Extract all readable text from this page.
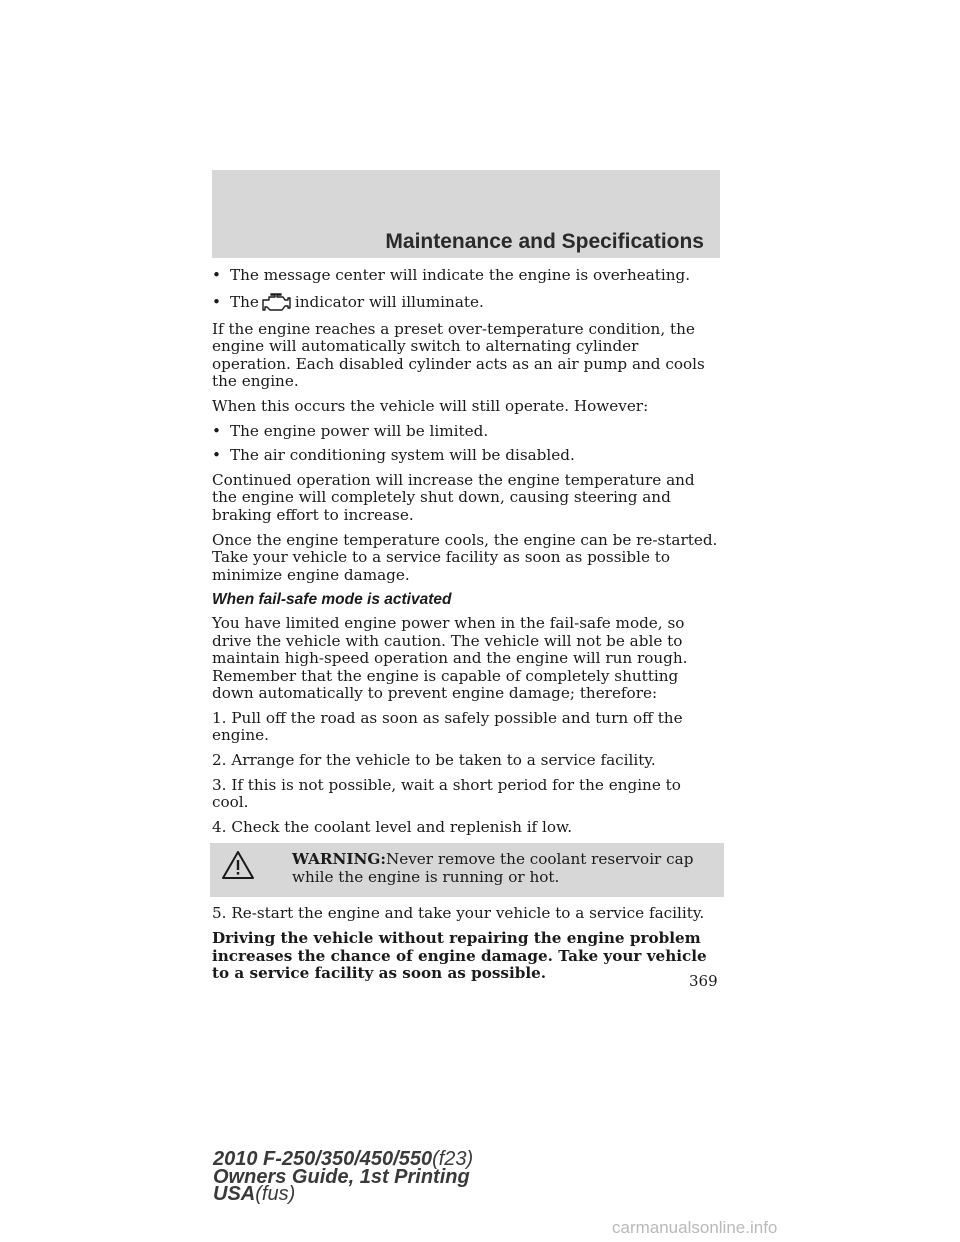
Maintenance and Specifications
• The message center will indicate the engine is overheating.
• The indicator will illuminate.

If the engine reaches a preset over-temperature condition, the engine will automatically switch to alternating cylinder operation. Each disabled cylinder acts as an air pump and cools the engine.

When this occurs the vehicle will still operate. However:

• The engine power will be limited.
• The air conditioning system will be disabled.

Continued operation will increase the engine temperature and the engine will completely shut down, causing steering and braking effort to increase.

Once the engine temperature cools, the engine can be re-started. Take your vehicle to a service facility as soon as possible to minimize engine damage.

When fail-safe mode is activated

You have limited engine power when in the fail-safe mode, so drive the vehicle with caution. The vehicle will not be able to maintain high-speed operation and the engine will run rough. Remember that the engine is capable of completely shutting down automatically to prevent engine damage; therefore:

1. Pull off the road as soon as safely possible and turn off the engine.

2. Arrange for the vehicle to be taken to a service facility.

3. If this is not possible, wait a short period for the engine to cool.

4. Check the coolant level and replenish if low.

WARNING:Never remove the coolant reservoir cap while the engine is running or hot.

5. Re-start the engine and take your vehicle to a service facility.

Driving the vehicle without repairing the engine problem increases the chance of engine damage. Take your vehicle to a service facility as soon as possible.	369
2010 F-250/350/450/550(f23)
Owners Guide, 1st Printing
USA(fus)
carmanualsonline.info
